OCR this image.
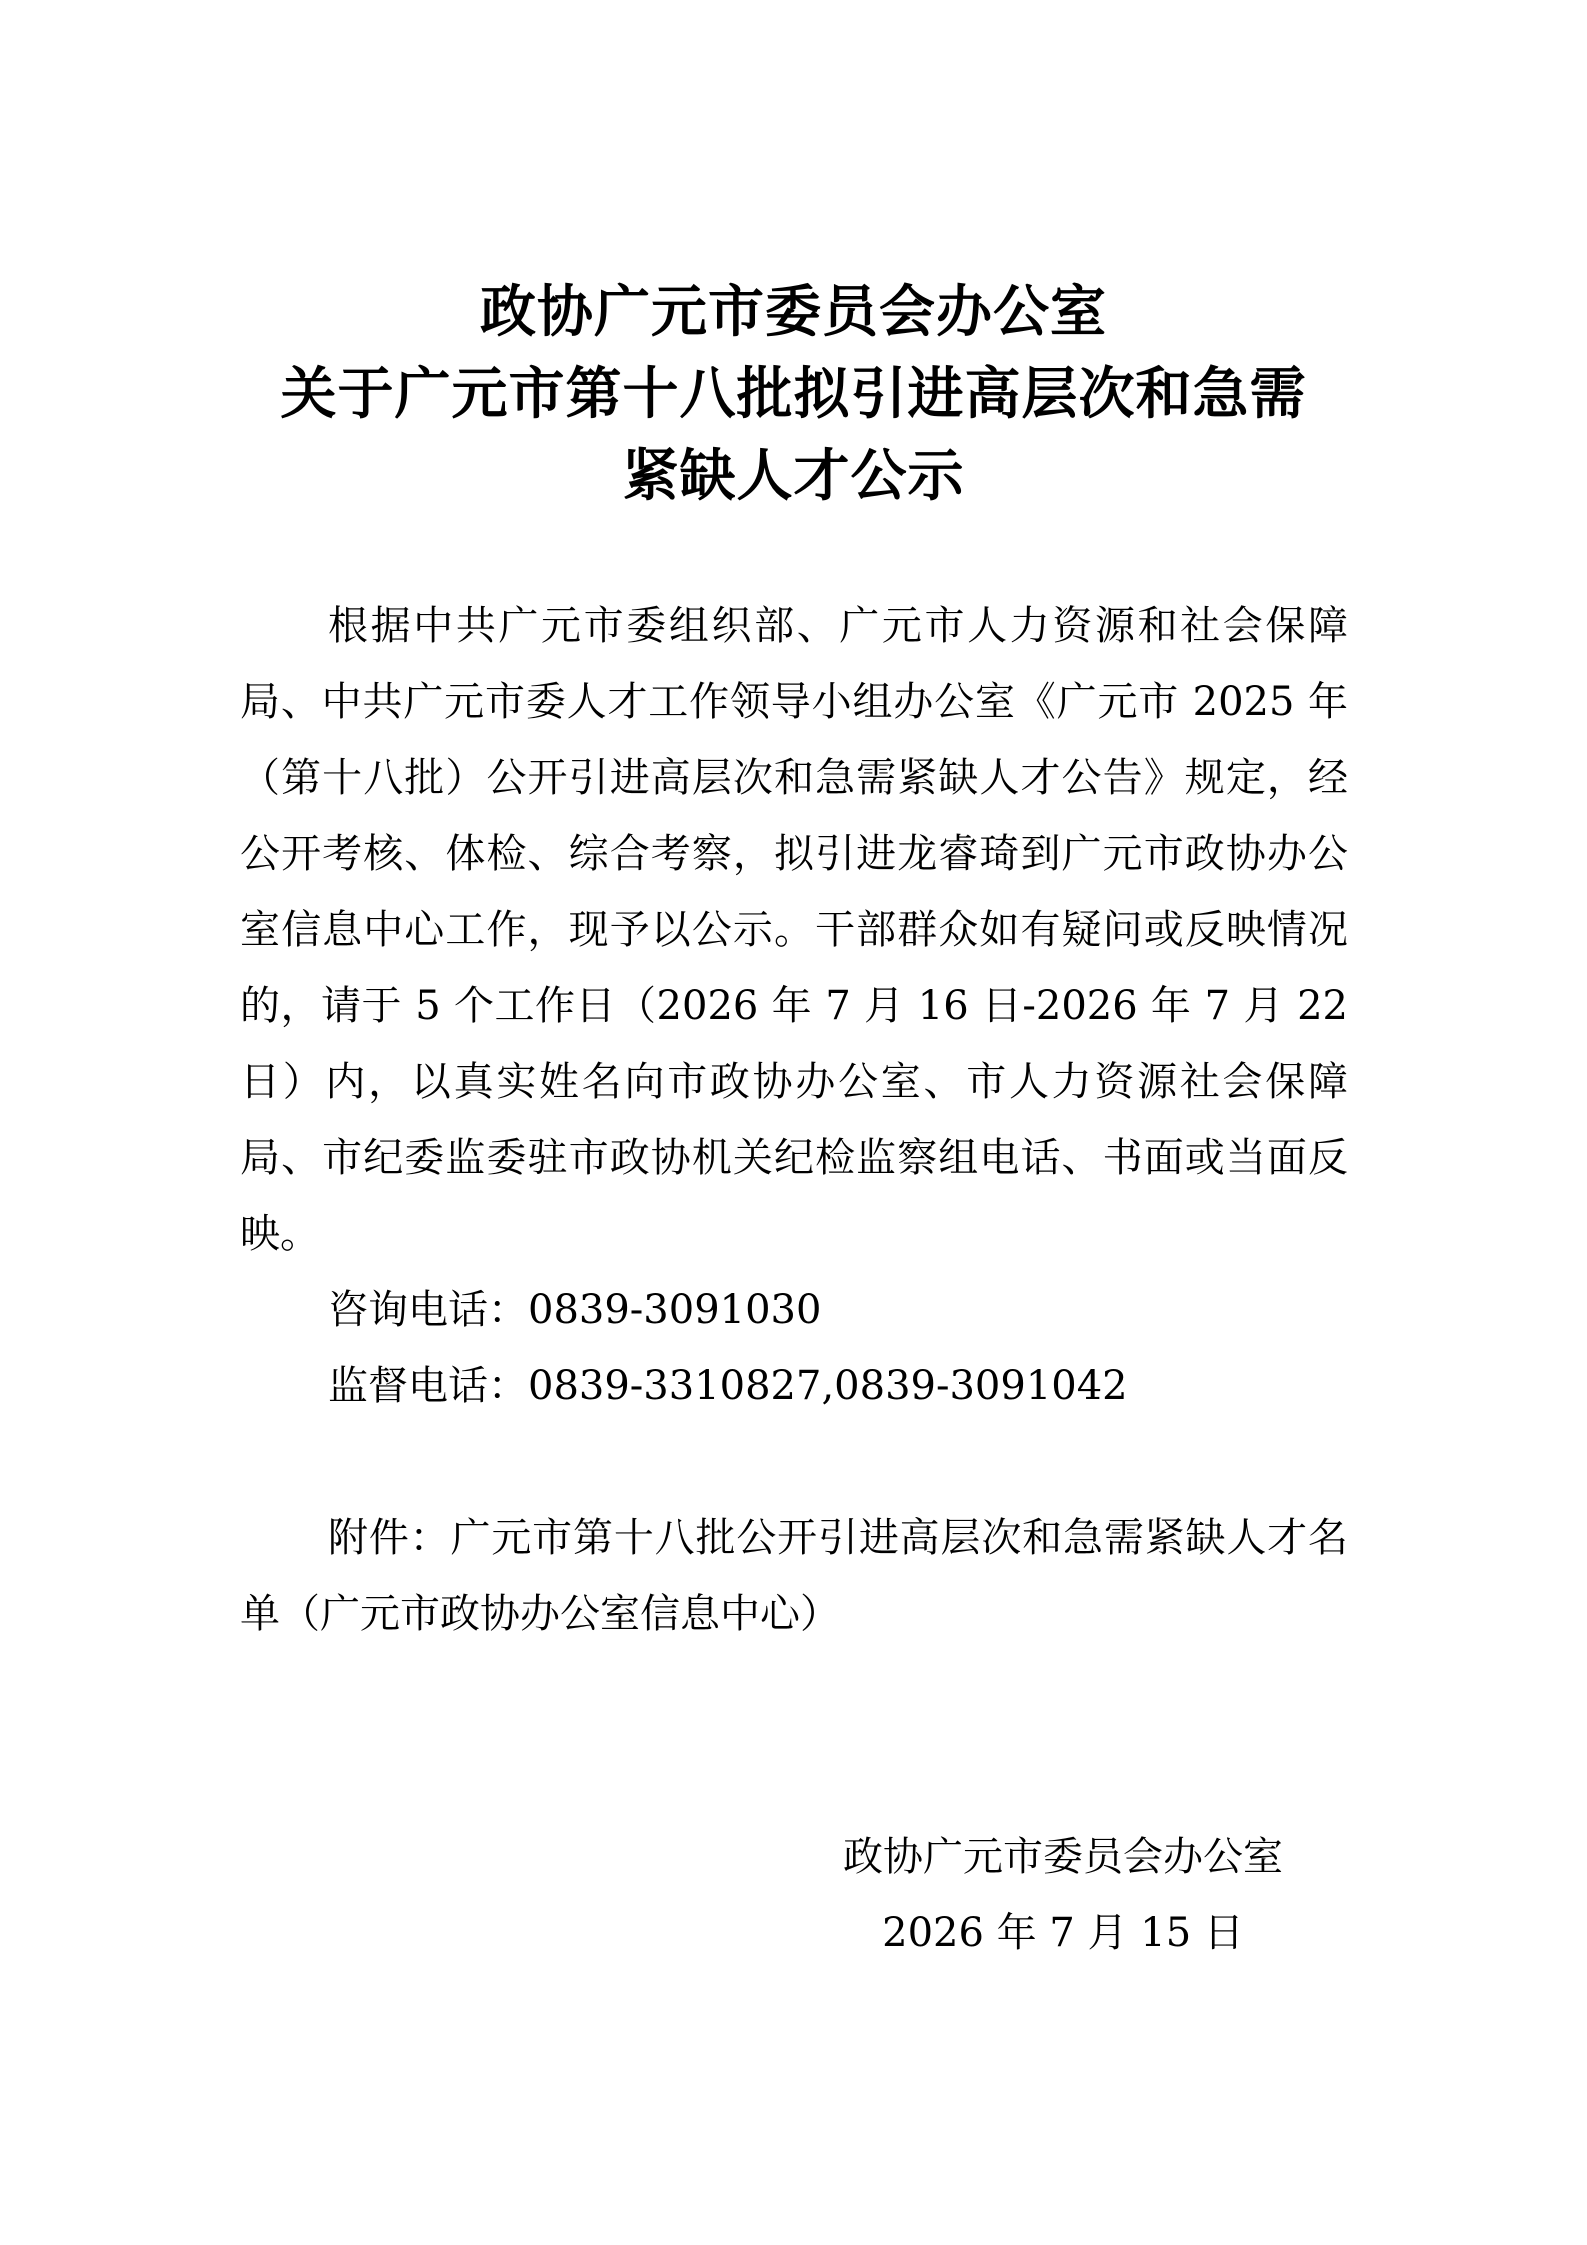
政协广元市委员会办公室
关于广元市第十八批拟引进高层次和急需
紧缺人才公示

根据中共广元市委组织部、广元市人力资源和社会保障局、中共广元市委人才工作领导小组办公室《广元市 2025 年（第十八批）公开引进高层次和急需紧缺人才公告》规定，经公开考核、体检、综合考察，拟引进龙睿琦到广元市政协办公室信息中心工作，现予以公示。干部群众如有疑问或反映情况的，请于 5 个工作日（2026 年 7 月 16 日-2026 年 7 月 22 日）内，以真实姓名向市政协办公室、市人力资源社会保障局、市纪委监委驻市政协机关纪检监察组电话、书面或当面反映。

咨询电话：0839-3091030

监督电话：0839-3310827,0839-3091042

附件：广元市第十八批公开引进高层次和急需紧缺人才名单（广元市政协办公室信息中心）

政协广元市委员会办公室
2026 年 7 月 15 日
